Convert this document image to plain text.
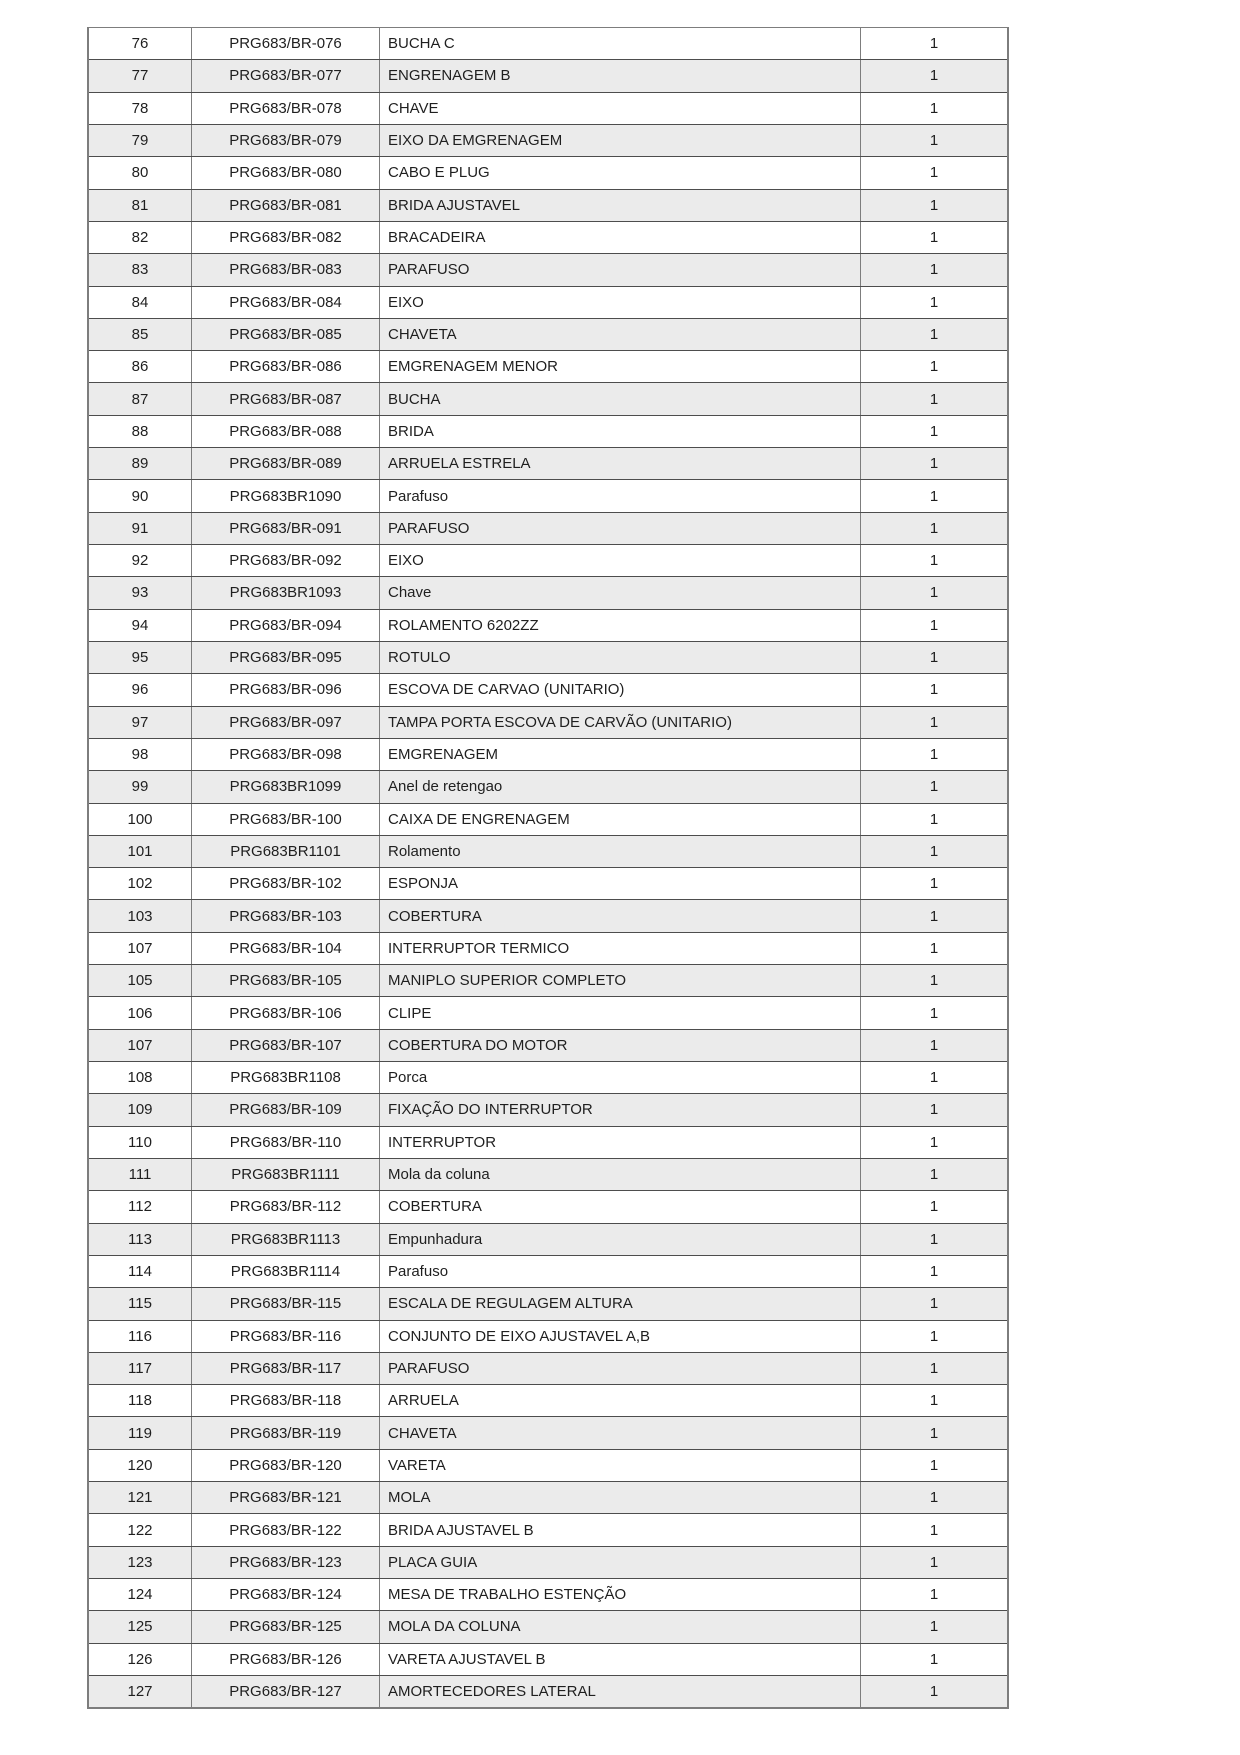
76	PRG683/BR-076	BUCHA C	1
77	PRG683/BR-077	ENGRENAGEM B	1
78	PRG683/BR-078	CHAVE	1
79	PRG683/BR-079	EIXO DA EMGRENAGEM	1
80	PRG683/BR-080	CABO E PLUG	1
81	PRG683/BR-081	BRIDA AJUSTAVEL	1
82	PRG683/BR-082	BRACADEIRA	1
83	PRG683/BR-083	PARAFUSO	1
84	PRG683/BR-084	EIXO	1
85	PRG683/BR-085	CHAVETA	1
86	PRG683/BR-086	EMGRENAGEM MENOR	1
87	PRG683/BR-087	BUCHA	1
88	PRG683/BR-088	BRIDA	1
89	PRG683/BR-089	ARRUELA ESTRELA	1
90	PRG683BR1090	Parafuso	1
91	PRG683/BR-091	PARAFUSO	1
92	PRG683/BR-092	EIXO	1
93	PRG683BR1093	Chave	1
94	PRG683/BR-094	ROLAMENTO 6202ZZ	1
95	PRG683/BR-095	ROTULO	1
96	PRG683/BR-096	ESCOVA DE CARVAO (UNITARIO)	1
97	PRG683/BR-097	TAMPA PORTA ESCOVA DE CARVÃO (UNITARIO)	1
98	PRG683/BR-098	EMGRENAGEM	1
99	PRG683BR1099	Anel de retengao	1
100	PRG683/BR-100	CAIXA DE ENGRENAGEM	1
101	PRG683BR1101	Rolamento	1
102	PRG683/BR-102	ESPONJA	1
103	PRG683/BR-103	COBERTURA	1
107	PRG683/BR-104	INTERRUPTOR TERMICO	1
105	PRG683/BR-105	MANIPLO SUPERIOR COMPLETO	1
106	PRG683/BR-106	CLIPE	1
107	PRG683/BR-107	COBERTURA DO MOTOR	1
108	PRG683BR1108	Porca	1
109	PRG683/BR-109	FIXAÇÃO DO INTERRUPTOR	1
110	PRG683/BR-110	INTERRUPTOR	1
111	PRG683BR1111	Mola da coluna	1
112	PRG683/BR-112	COBERTURA	1
113	PRG683BR1113	Empunhadura	1
114	PRG683BR1114	Parafuso	1
115	PRG683/BR-115	ESCALA DE REGULAGEM ALTURA	1
116	PRG683/BR-116	CONJUNTO DE EIXO AJUSTAVEL A,B	1
117	PRG683/BR-117	PARAFUSO	1
118	PRG683/BR-118	ARRUELA	1
119	PRG683/BR-119	CHAVETA	1
120	PRG683/BR-120	VARETA	1
121	PRG683/BR-121	MOLA	1
122	PRG683/BR-122	BRIDA AJUSTAVEL B	1
123	PRG683/BR-123	PLACA GUIA	1
124	PRG683/BR-124	MESA DE TRABALHO ESTENÇÃO	1
125	PRG683/BR-125	MOLA DA COLUNA	1
126	PRG683/BR-126	VARETA AJUSTAVEL B	1
127	PRG683/BR-127	AMORTECEDORES LATERAL	1
